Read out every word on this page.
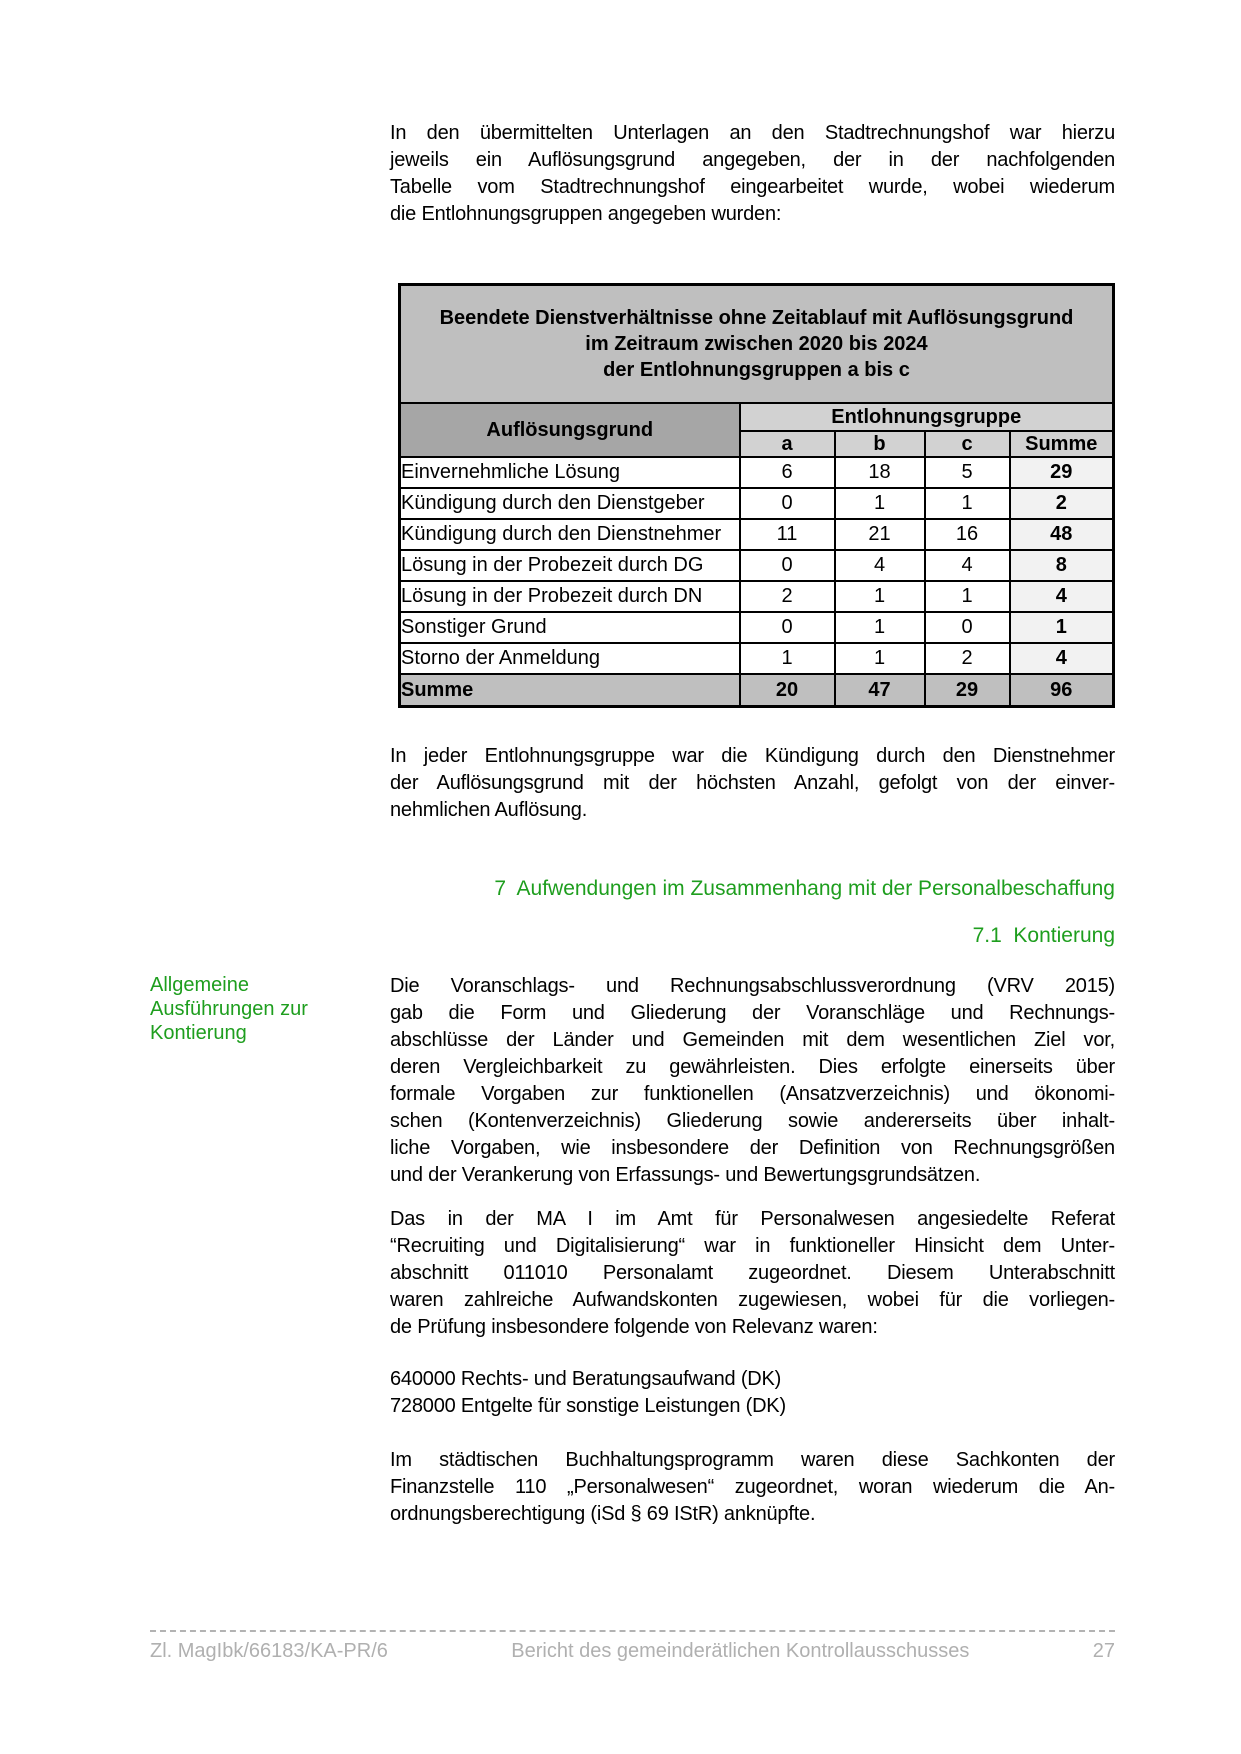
In den übermittelten Unterlagen an den Stadtrechnungshof war hierzu
jeweils ein Auflösungsgrund angegeben, der in der nachfolgenden
Tabelle vom Stadtrechnungshof eingearbeitet wurde, wobei wiederum
die Entlohnungsgruppen angegeben wurden:
Beendete Dienstverhältnisse ohne Zeitablauf mit Auflösungsgrund
im Zeitraum zwischen 2020 bis 2024
der Entlohnungsgruppen a bis c				

Auflösungsgrund	Entlohnungsgruppe			
	a	b	c	Summe
Einvernehmliche Lösung	6	18	5	29
Kündigung durch den Dienstgeber	0	1	1	2
Kündigung durch den Dienstnehmer	11	21	16	48
Lösung in der Probezeit durch DG	0	4	4	8
Lösung in der Probezeit durch DN	2	1	1	4
Sonstiger Grund	0	1	0	1
Storno der Anmeldung	1	1	2	4
Summe	20	47	29	96
In jeder Entlohnungsgruppe war die Kündigung durch den Dienstnehmer
der Auflösungsgrund mit der höchsten Anzahl, gefolgt von der einver-
nehmlichen Auflösung.
7  Aufwendungen im Zusammenhang mit der Personalbeschaffung
7.1  Kontierung
Allgemeine
Ausführungen zur
Kontierung
Die Voranschlags- und Rechnungsabschlussverordnung (VRV 2015)
gab die Form und Gliederung der Voranschläge und Rechnungs-
abschlüsse der Länder und Gemeinden mit dem wesentlichen Ziel vor,
deren Vergleichbarkeit zu gewährleisten. Dies erfolgte einerseits über
formale Vorgaben zur funktionellen (Ansatzverzeichnis) und ökonomi-
schen (Kontenverzeichnis) Gliederung sowie andererseits über inhalt-
liche Vorgaben, wie insbesondere der Definition von Rechnungsgrößen
und der Verankerung von Erfassungs- und Bewertungsgrundsätzen.
Das in der MA I im Amt für Personalwesen angesiedelte Referat
“Recruiting und Digitalisierung“ war in funktioneller Hinsicht dem Unter-
abschnitt 011010 Personalamt zugeordnet. Diesem Unterabschnitt
waren zahlreiche Aufwandskonten zugewiesen, wobei für die vorliegen-
de Prüfung insbesondere folgende von Relevanz waren:
640000 Rechts- und Beratungsaufwand (DK)
728000 Entgelte für sonstige Leistungen (DK)
Im städtischen Buchhaltungsprogramm waren diese Sachkonten der
Finanzstelle 110 „Personalwesen“ zugeordnet, woran wiederum die An-
ordnungsberechtigung (iSd § 69 IStR) anknüpfte.
Zl. MagIbk/66183/KA-PR/6	Bericht des gemeinderätlichen Kontrollausschusses	27
